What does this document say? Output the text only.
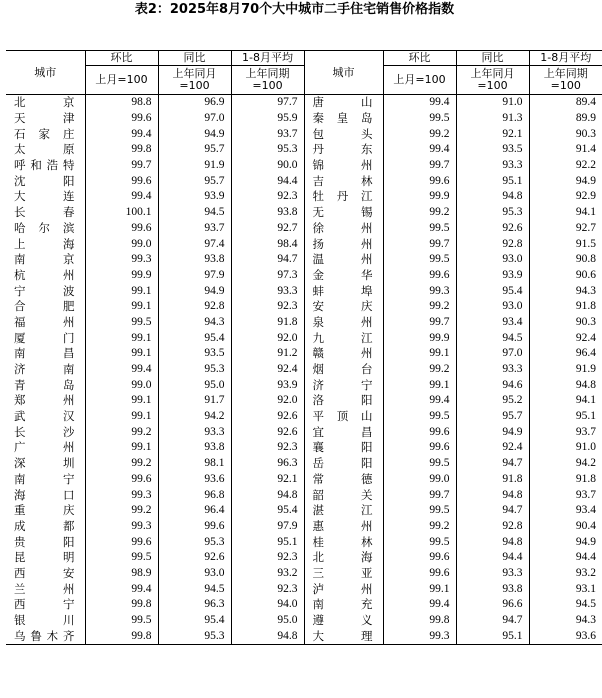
表2：2025年8月70个大中城市二手住宅销售价格指数
城市	环比	同比	1-8月平均	城市	环比	同比	1-8月平均
	上月=100	上年同月=100	上年同期=100		上月=100	上年同月=100	上年同期=100

北 京	98.8	96.9	97.7	唐 山	99.4	91.0	89.4

天 津	99.6	97.0	95.9	秦 皇 岛	99.5	91.3	89.9

石 家 庄	99.4	94.9	93.7	包 头	99.2	92.1	90.3

太 原	99.8	95.7	95.3	丹 东	99.4	93.5	91.4

呼 和 浩 特	99.7	91.9	90.0	锦 州	99.7	93.3	92.2

沈 阳	99.6	95.7	94.4	吉 林	99.6	95.1	94.9

大 连	99.4	93.9	92.3	牡 丹 江	99.9	94.8	92.9

长 春	100.1	94.5	93.8	无 锡	99.2	95.3	94.1

哈 尔 滨	99.6	93.7	92.7	徐 州	99.5	92.6	92.7

上 海	99.0	97.4	98.4	扬 州	99.7	92.8	91.5

南 京	99.3	93.8	94.7	温 州	99.5	93.0	90.8

杭 州	99.9	97.9	97.3	金 华	99.6	93.9	90.6

宁 波	99.1	94.9	93.3	蚌 埠	99.3	95.4	94.3

合 肥	99.1	92.8	92.3	安 庆	99.2	93.0	91.8

福 州	99.5	94.3	91.8	泉 州	99.7	93.4	90.3

厦 门	99.1	95.4	92.0	九 江	99.9	94.5	92.4

南 昌	99.1	93.5	91.2	赣 州	99.1	97.0	96.4

济 南	99.4	95.3	92.4	烟 台	99.2	93.3	91.9

青 岛	99.0	95.0	93.9	济 宁	99.1	94.6	94.8

郑 州	99.1	91.7	92.0	洛 阳	99.4	95.2	94.1

武 汉	99.1	94.2	92.6	平 顶 山	99.5	95.7	95.1

长 沙	99.2	93.3	92.6	宜 昌	99.6	94.9	93.7

广 州	99.1	93.8	92.3	襄 阳	99.6	92.4	91.0

深 圳	99.2	98.1	96.3	岳 阳	99.5	94.7	94.2

南 宁	99.6	93.6	92.1	常 德	99.0	91.8	91.8

海 口	99.3	96.8	94.8	韶 关	99.7	94.8	93.7

重 庆	99.2	96.4	95.4	湛 江	99.5	94.7	93.4

成 都	99.3	99.6	97.9	惠 州	99.2	92.8	90.4

贵 阳	99.6	95.3	95.1	桂 林	99.5	94.8	94.9

昆 明	99.5	92.6	92.3	北 海	99.6	94.4	94.4

西 安	98.9	93.0	93.2	三 亚	99.6	93.3	93.2

兰 州	99.4	94.5	92.3	泸 州	99.1	93.8	93.1

西 宁	99.8	96.3	94.0	南 充	99.4	96.6	94.5

银 川	99.5	95.4	95.0	遵 义	99.8	94.7	94.3

乌 鲁 木 齐	99.8	95.3	94.8	大 理	99.3	95.1	93.6
